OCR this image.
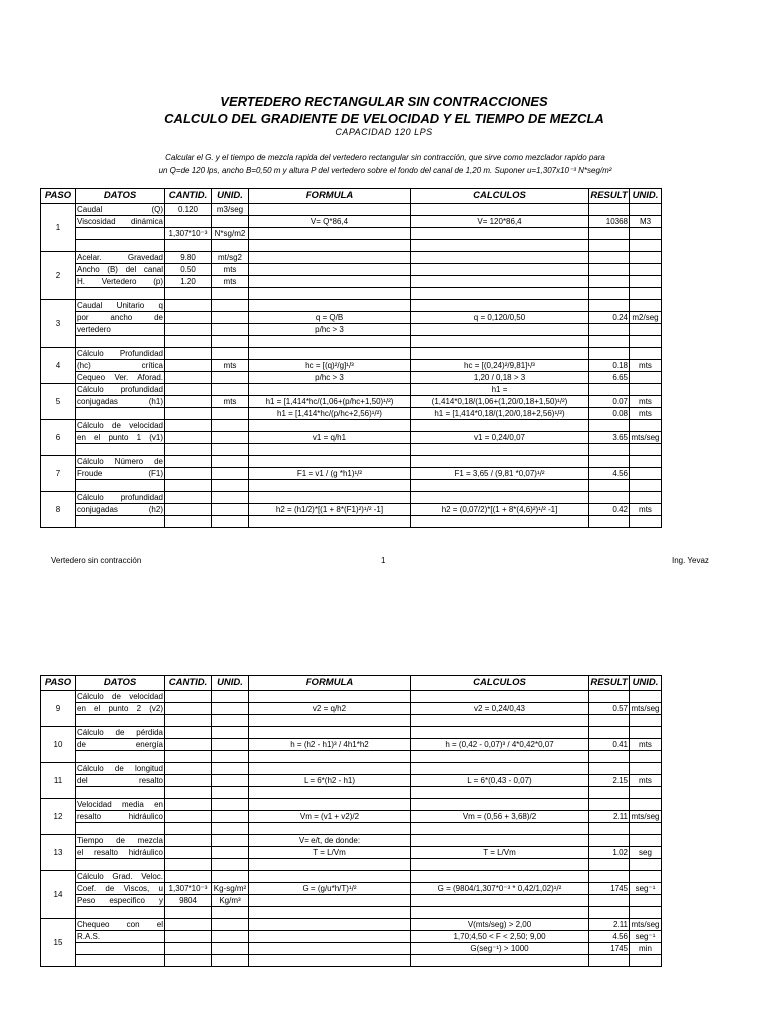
VERTEDERO RECTANGULAR SIN CONTRACCIONES
CALCULO DEL GRADIENTE DE VELOCIDAD Y EL TIEMPO DE MEZCLA
CAPACIDAD 120 LPS
Calcular el G. y el tiempo de mezcla rapida del vertedero rectangular sin contracción, que sirve como mezclador rapido para
un Q=de 120 lps, ancho B=0,50 m y altura P del vertedero sobre el fondo del canal de 1,20 m. Suponer u=1,307x10⁻³ N*seg/m²
PASO	DATOS	CANTID.	UNID.	FORMULA	CALCULOS	RESULT	UNID.
1	Caudal (Q)	0.120	m3/seg				
	Viscosidad dinámica			V= Q*86,4	V= 120*86,4	10368	M3
		1,307*10⁻³	N*sg/m2				

2	Acelar. Gravedad	9.80	mt/sg2				
	Ancho (B) del canal	0.50	mts				
	H. Vertedero (p)	1.20	mts				

3	Caudal Unitario q						
	por ancho de			q = Q/B	q = 0,120/0,50	0.24	m2/seg
	vertedero			p/hc > 3			

4	Cálculo Profundidad						
	(hc) crítica		mts	hc = [(q)²/g]¹/³	hc = [(0,24)²/9,81]¹/³	0.18	mts
	Cequeo Ver. Aforad.			p/hc > 3	1,20 / 0,18 > 3	6.65	
5	Cálculo profundidad				h1 =		
	conjugadas (h1)		mts	h1 = [1,414*hc/(1,06+(p/hc+1,50)¹/²)	(1,414*0,18/(1,06+(1,20/0,18+1,50)¹/²)	0.07	mts
				h1 = [1,414*hc/(p/hc+2,56)¹/²)	h1 = [1,414*0,18/(1,20/0,18+2,56)¹/²)	0.08	mts
6	Cálculo de velocidad						
	en el punto 1 (v1)			v1 = q/h1	v1 = 0,24/0,07	3.65	mts/seg

7	Cálculo Número de						
	Froude (F1)			F1 = v1 / (g *h1)¹/²	F1 = 3,65 / (9,81 *0,07)¹/²	4.56	

8	Cálculo profundidad						
	conjugadas (h2)			h2 = (h1/2)*[(1 + 8*(F1)²)¹/² -1]	h2 = (0,07/2)*[(1 + 8*(4,6)²)¹/² -1]	0.42	mts

Vertedero sin contracción	1	Ing. Yevaz
PASO	DATOS	CANTID.	UNID.	FORMULA	CALCULOS	RESULT	UNID.
9	Cálculo de velocidad						
	en el punto 2 (v2)			v2 = q/h2	v2 = 0,24/0,43	0.57	mts/seg

10	Cálculo de pérdida						
	de energía			h = (h2 - h1)³ / 4h1*h2	h = (0,42 - 0,07)³ / 4*0,42*0,07	0.41	mts

11	Cálculo de longitud						
	del resalto			L = 6*(h2 - h1)	L = 6*(0,43 - 0,07)	2.15	mts

12	Velocidad media en						
	resalto hidráulico			Vm = (v1 + v2)/2	Vm = (0,56 + 3,68)/2	2.11	mts/seg

13	Tiempo de mezcla			V= e/t, de donde:			
	el resalto hidráulico			T = L/Vm	T = L/Vm	1.02	seg

14	Cálculo Grad. Veloc.						
	Coef. de Viscos, u	1,307*10⁻³	Kg-sg/m²	G = (g/u*h/T)¹/²	G = (9804/1,307*0⁻³ * 0,42/1,02)¹/²	1745	seg⁻¹
	Peso especifico y	9804	Kg/m³				

15	Chequeo con el				V(mts/seg) > 2,00	2.11	mts/seg
	R.A.S.				1,70;4,50 < F < 2,50; 9,00	4.56	seg⁻¹
					G(seg⁻¹) > 1000	1745	min
